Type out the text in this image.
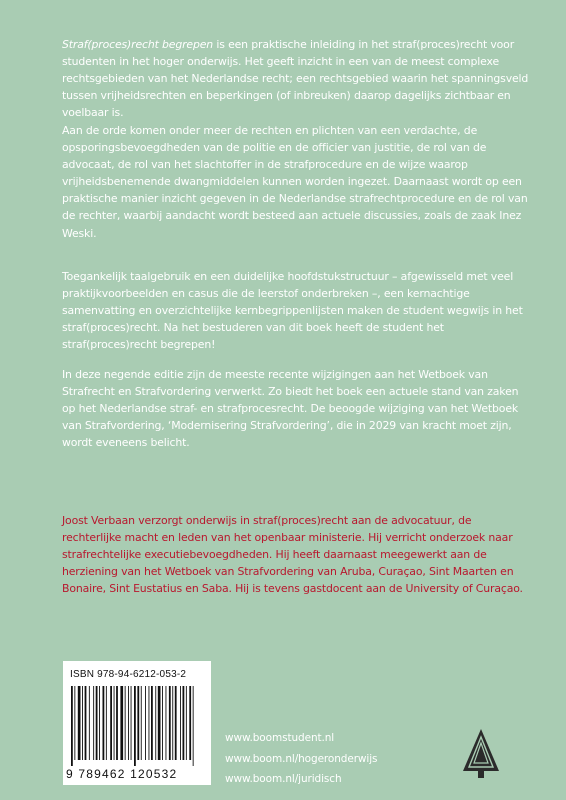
Straf(proces)recht begrepen is een praktische inleiding in het straf(proces)recht voor studenten in het hoger onderwijs. Het geeft inzicht in een van de meest complexe rechtsgebieden van het Nederlandse recht; een rechtsgebied waarin het spanningsveld tussen vrijheidsrechten en beperkingen (of inbreuken) daarop dagelijks zichtbaar en voelbaar is.

Aan de orde komen onder meer de rechten en plichten van een verdachte, de opsporingsbevoegdheden van de politie en de officier van justitie, de rol van de advocaat, de rol van het slachtoffer in de strafprocedure en de wijze waarop vrijheidsbenemende dwangmiddelen kunnen worden ingezet. Daarnaast wordt op een praktische manier inzicht gegeven in de Nederlandse strafrechtprocedure en de rol van de rechter, waarbij aandacht wordt besteed aan actuele discussies, zoals de zaak Inez Weski.

Toegankelijk taalgebruik en een duidelijke hoofdstukstructuur – afgewisseld met veel praktijkvoorbeelden en casus die de leerstof onderbreken –, een kernachtige samenvatting en overzichtelijke kernbegrippenlijsten maken de student wegwijs in het straf(proces)recht. Na het bestuderen van dit boek heeft de student het straf(proces)recht begrepen!

In deze negende editie zijn de meeste recente wijzigingen aan het Wetboek van Strafrecht en Strafvordering verwerkt. Zo biedt het boek een actuele stand van zaken op het Nederlandse straf- en strafprocesrecht. De beoogde wijziging van het Wetboek van Strafvordering, ‘Modernisering Strafvordering’, die in 2029 van kracht moet zijn, wordt eveneens belicht.

Joost Verbaan verzorgt onderwijs in straf(proces)recht aan de advocatuur, de rechterlijke macht en leden van het openbaar ministerie. Hij verricht onderzoek naar strafrechtelijke executiebevoegdheden. Hij heeft daarnaast meegewerkt aan de herziening van het Wetboek van Strafvordering van Aruba, Curaçao, Sint Maarten en Bonaire, Sint Eustatius en Saba. Hij is tevens gastdocent aan de University of Curaçao.

ISBN 978-94-6212-053-2
9 789462 120532
www.boomstudent.nl
www.boom.nl/hogeronderwijs
www.boom.nl/juridisch
